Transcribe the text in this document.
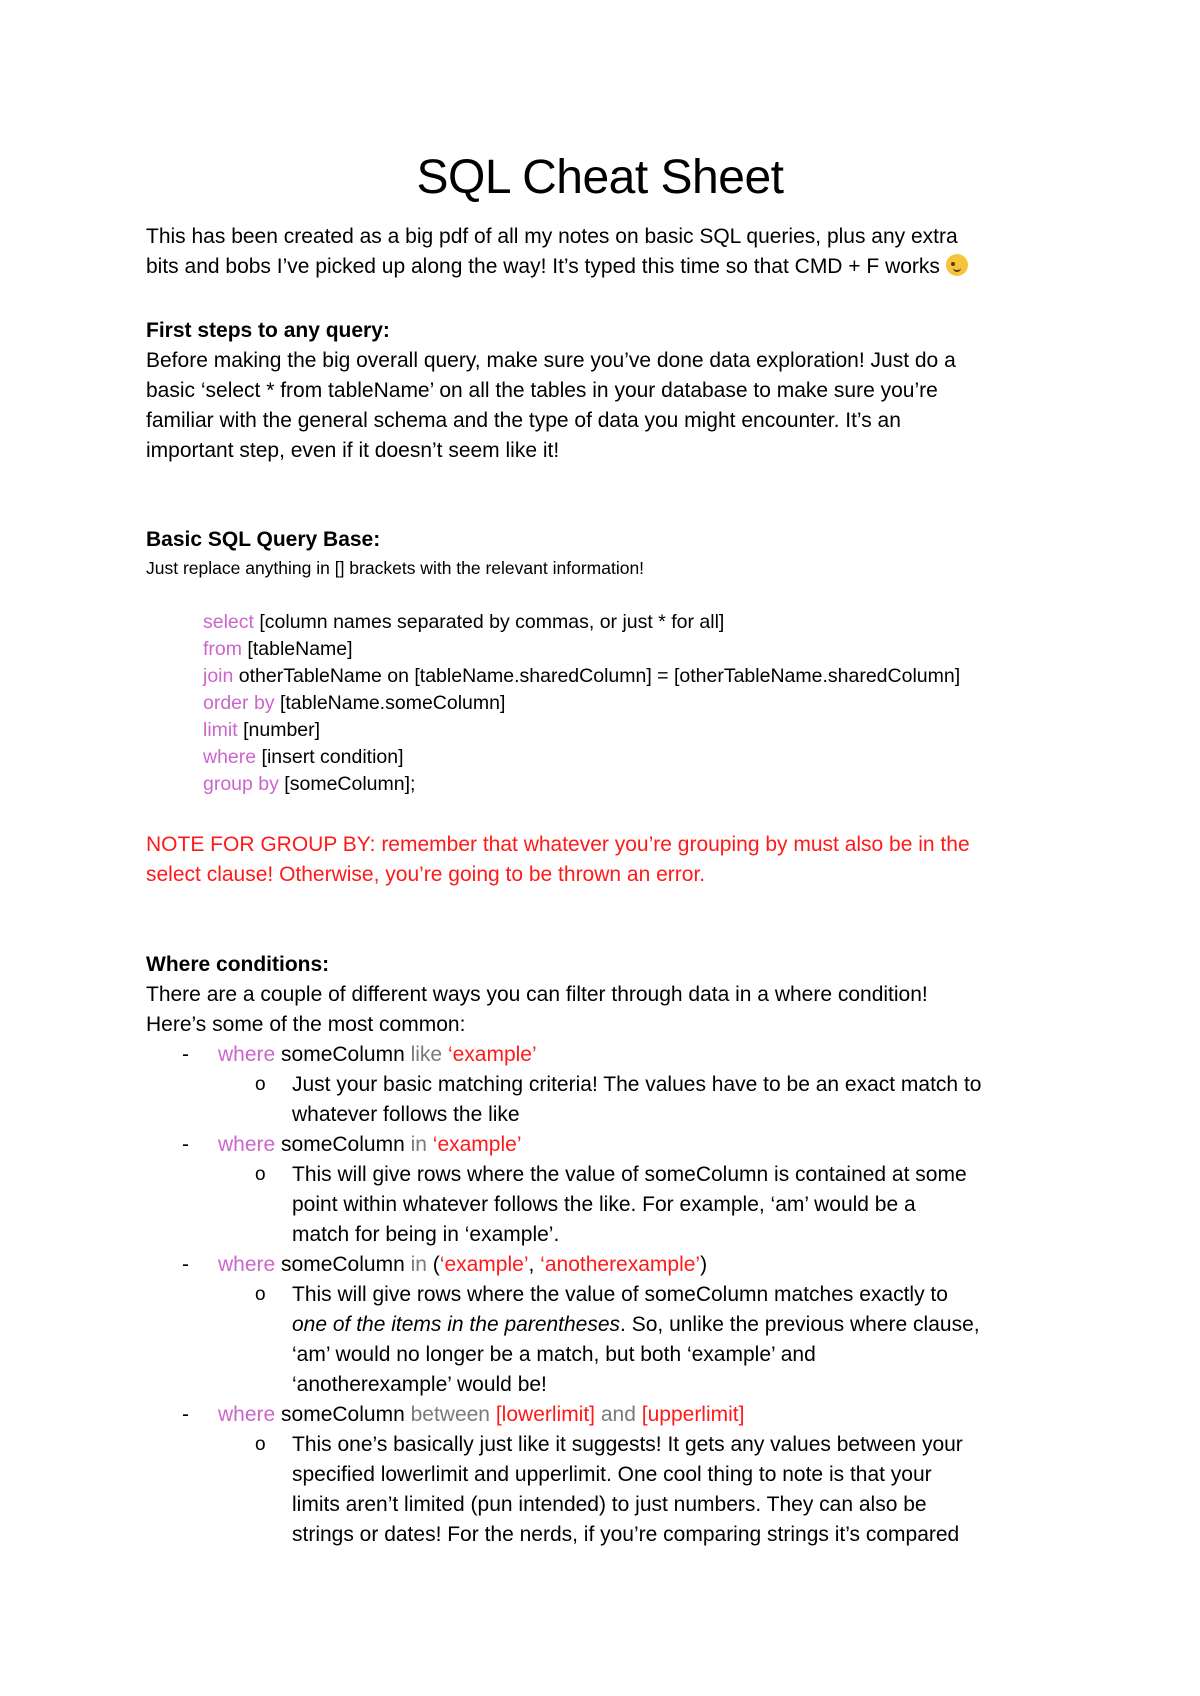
SQL Cheat Sheet
This has been created as a big pdf of all my notes on basic SQL queries, plus any extra
bits and bobs I’ve picked up along the way! It’s typed this time so that CMD + F works
First steps to any query:
Before making the big overall query, make sure you’ve done data exploration! Just do a
basic ‘select * from tableName’ on all the tables in your database to make sure you’re
familiar with the general schema and the type of data you might encounter. It’s an
important step, even if it doesn’t seem like it!
Basic SQL Query Base:
Just replace anything in [] brackets with the relevant information!
select [column names separated by commas, or just * for all]
from [tableName]
join otherTableName on [tableName.sharedColumn] = [otherTableName.sharedColumn]
order by [tableName.someColumn]
limit [number]
where [insert condition]
group by [someColumn];
NOTE FOR GROUP BY: remember that whatever you’re grouping by must also be in the
select clause! Otherwise, you’re going to be thrown an error.
Where conditions:
There are a couple of different ways you can filter through data in a where condition!
Here’s some of the most common:
- where someColumn like ‘example’
o Just your basic matching criteria! The values have to be an exact match to
whatever follows the like
- where someColumn in ‘example’
o This will give rows where the value of someColumn is contained at some
point within whatever follows the like. For example, ‘am’ would be a
match for being in ‘example’.
- where someColumn in (‘example’, ‘anotherexample’)
o This will give rows where the value of someColumn matches exactly to
one of the items in the parentheses. So, unlike the previous where clause,
‘am’ would no longer be a match, but both ‘example’ and
‘anotherexample’ would be!
- where someColumn between [lowerlimit] and [upperlimit]
o This one’s basically just like it suggests! It gets any values between your
specified lowerlimit and upperlimit. One cool thing to note is that your
limits aren’t limited (pun intended) to just numbers. They can also be
strings or dates! For the nerds, if you’re comparing strings it’s compared
